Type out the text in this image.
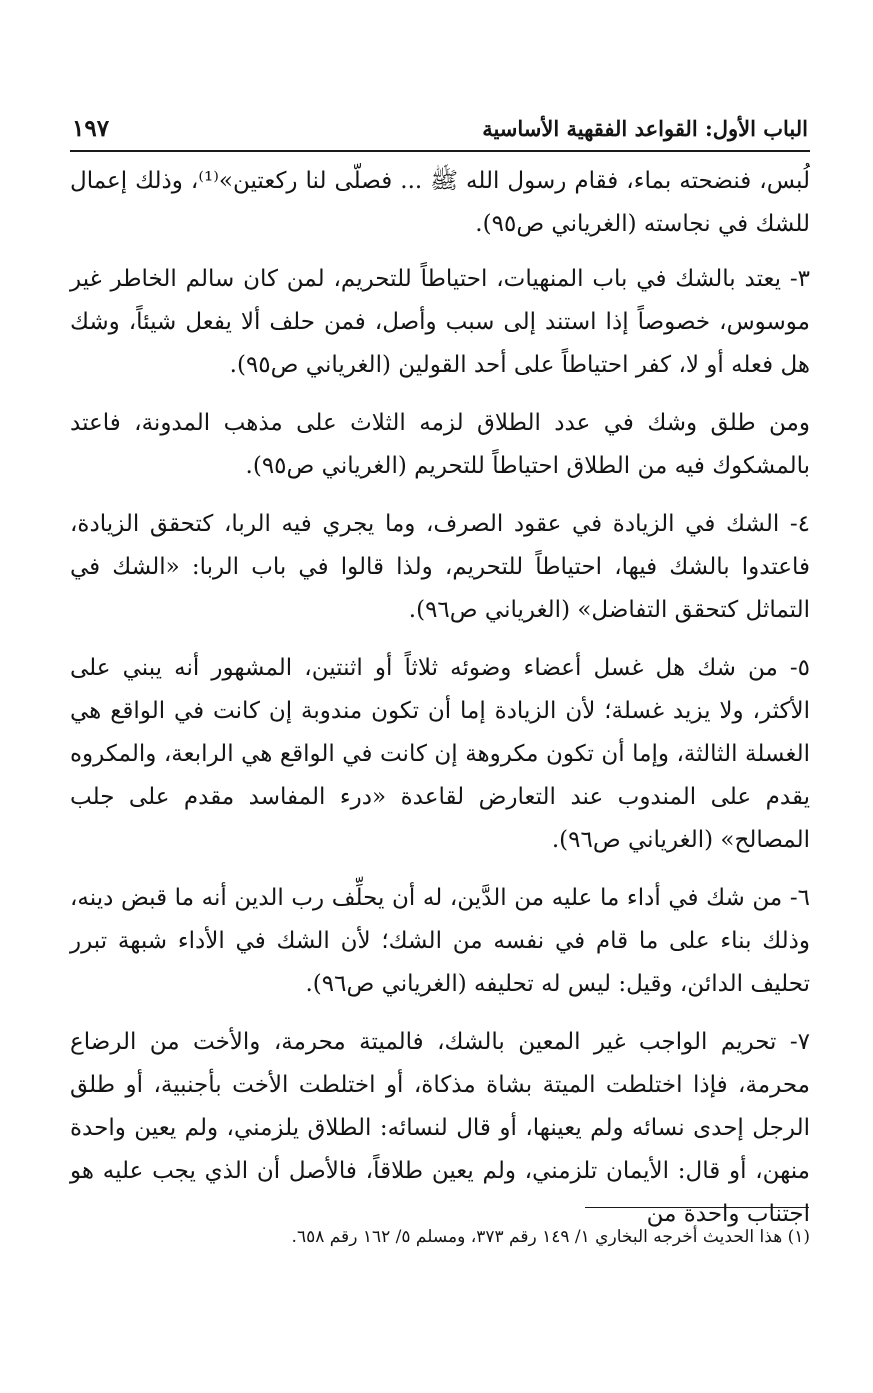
الباب الأول: القواعد الفقهية الأساسية
١٩٧

لُبس، فنضحته بماء، فقام رسول الله ﷺ ... فصلّى لنا ركعتين»⁽¹⁾، وذلك إعمال للشك في نجاسته (الغرياني ص٩٥).

٣- يعتد بالشك في باب المنهيات، احتياطاً للتحريم، لمن كان سالم الخاطر غير موسوس، خصوصاً إذا استند إلى سبب وأصل، فمن حلف ألا يفعل شيئاً، وشك هل فعله أو لا، كفر احتياطاً على أحد القولين (الغرياني ص٩٥).

ومن طلق وشك في عدد الطلاق لزمه الثلاث على مذهب المدونة، فاعتد بالمشكوك فيه من الطلاق احتياطاً للتحريم (الغرياني ص٩٥).

٤- الشك في الزيادة في عقود الصرف، وما يجري فيه الربا، كتحقق الزيادة، فاعتدوا بالشك فيها، احتياطاً للتحريم، ولذا قالوا في باب الربا: «الشك في التماثل كتحقق التفاضل» (الغرياني ص٩٦).

٥- من شك هل غسل أعضاء وضوئه ثلاثاً أو اثنتين، المشهور أنه يبني على الأكثر، ولا يزيد غسلة؛ لأن الزيادة إما أن تكون مندوبة إن كانت في الواقع هي الغسلة الثالثة، وإما أن تكون مكروهة إن كانت في الواقع هي الرابعة، والمكروه يقدم على المندوب عند التعارض لقاعدة «درء المفاسد مقدم على جلب المصالح» (الغرياني ص٩٦).

٦- من شك في أداء ما عليه من الدَّين، له أن يحلِّف رب الدين أنه ما قبض دينه، وذلك بناء على ما قام في نفسه من الشك؛ لأن الشك في الأداء شبهة تبرر تحليف الدائن، وقيل: ليس له تحليفه (الغرياني ص٩٦).

٧- تحريم الواجب غير المعين بالشك، فالميتة محرمة، والأخت من الرضاع محرمة، فإذا اختلطت الميتة بشاة مذكاة، أو اختلطت الأخت بأجنبية، أو طلق الرجل إحدى نسائه ولم يعينها، أو قال لنسائه: الطلاق يلزمني، ولم يعين واحدة منهن، أو قال: الأيمان تلزمني، ولم يعين طلاقاً، فالأصل أن الذي يجب عليه هو اجتناب واحدة من

(١) هذا الحديث أخرجه البخاري ١/ ١٤٩ رقم ٣٧٣، ومسلم ٥/ ١٦٢ رقم ٦٥٨.
